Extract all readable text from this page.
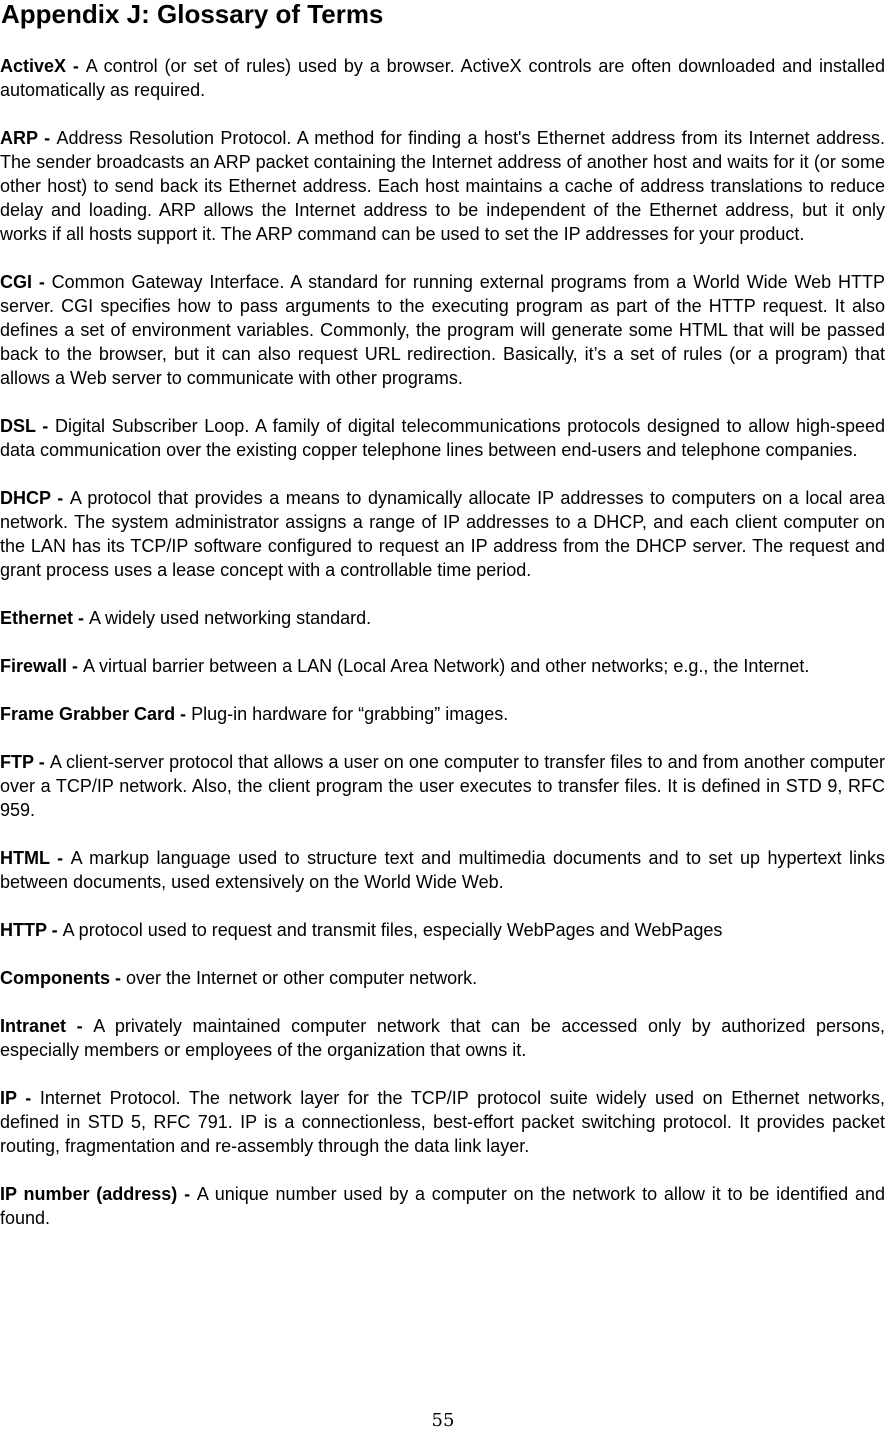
Appendix J: Glossary of Terms

ActiveX - A control (or set of rules) used by a browser. ActiveX controls are often downloaded and installed automatically as required.

ARP - Address Resolution Protocol. A method for finding a host's Ethernet address from its Internet address. The sender broadcasts an ARP packet containing the Internet address of another host and waits for it (or some other host) to send back its Ethernet address. Each host maintains a cache of address translations to reduce delay and loading. ARP allows the Internet address to be independent of the Ethernet address, but it only works if all hosts support it. The ARP command can be used to set the IP addresses for your product.

CGI - Common Gateway Interface. A standard for running external programs from a World Wide Web HTTP server. CGI specifies how to pass arguments to the executing program as part of the HTTP request. It also defines a set of environment variables. Commonly, the program will generate some HTML that will be passed back to the browser, but it can also request URL redirection. Basically, it’s a set of rules (or a program) that allows a Web server to communicate with other programs.

DSL - Digital Subscriber Loop. A family of digital telecommunications protocols designed to allow high-speed data communication over the existing copper telephone lines between end-users and telephone companies.

DHCP - A protocol that provides a means to dynamically allocate IP addresses to computers on a local area network. The system administrator assigns a range of IP addresses to a DHCP, and each client computer on the LAN has its TCP/IP software configured to request an IP address from the DHCP server. The request and grant process uses a lease concept with a controllable time period.

Ethernet - A widely used networking standard.

Firewall - A virtual barrier between a LAN (Local Area Network) and other networks; e.g., the Internet.

Frame Grabber Card - Plug-in hardware for “grabbing” images.

FTP - A client-server protocol that allows a user on one computer to transfer files to and from another computer over a TCP/IP network. Also, the client program the user executes to transfer files. It is defined in STD 9, RFC 959.

HTML - A markup language used to structure text and multimedia documents and to set up hypertext links between documents, used extensively on the World Wide Web.

HTTP - A protocol used to request and transmit files, especially WebPages and WebPages

Components - over the Internet or other computer network.

Intranet - A privately maintained computer network that can be accessed only by authorized persons, especially members or employees of the organization that owns it.

IP - Internet Protocol. The network layer for the TCP/IP protocol suite widely used on Ethernet networks, defined in STD 5, RFC 791. IP is a connectionless, best-effort packet switching protocol. It provides packet routing, fragmentation and re-assembly through the data link layer.

IP number (address) - A unique number used by a computer on the network to allow it to be identified and found.

55
